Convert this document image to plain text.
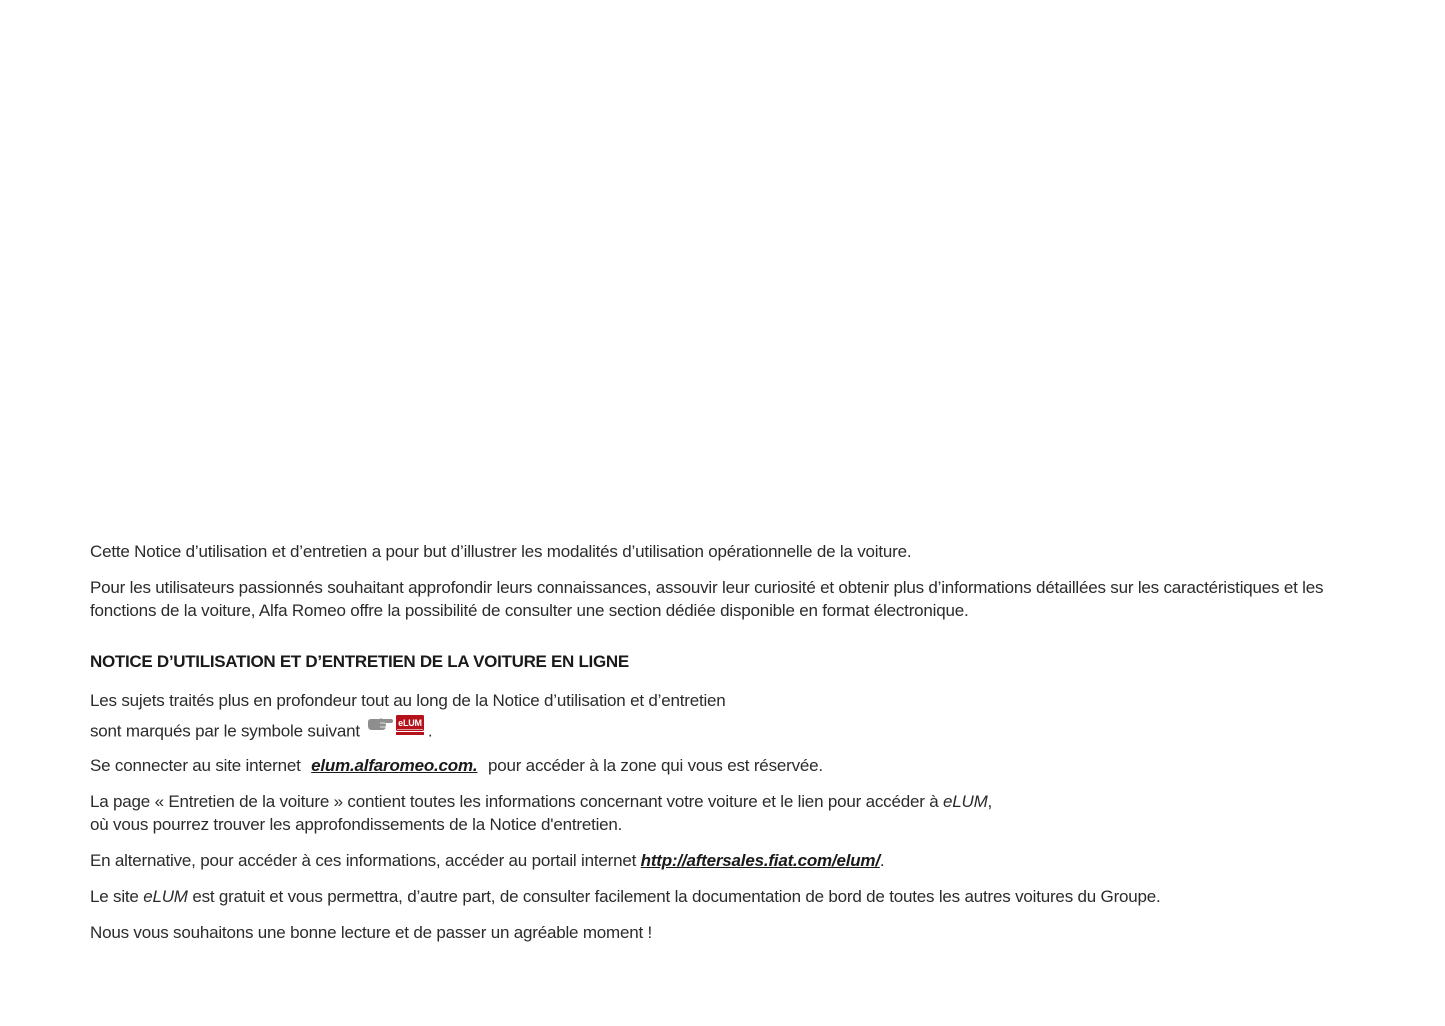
Cette Notice d’utilisation et d’entretien a pour but d’illustrer les modalités d’utilisation opérationnelle de la voiture.

Pour les utilisateurs passionnés souhaitant approfondir leurs connaissances, assouvir leur curiosité et obtenir plus d’informations détaillées sur les caractéristiques et les fonctions de la voiture, Alfa Romeo offre la possibilité de consulter une section dédiée disponible en format électronique.

NOTICE D’UTILISATION ET D’ENTRETIEN DE LA VOITURE EN LIGNE

Les sujets traités plus en profondeur tout au long de la Notice d’utilisation et d’entretien
sont marqués par le symbole suivant	eLUM .

Se connecter au site internet elum.alfaromeo.com. pour accéder à la zone qui vous est réservée.

La page « Entretien de la voiture » contient toutes les informations concernant votre voiture et le lien pour accéder à eLUM,
où vous pourrez trouver les approfondissements de la Notice d'entretien.

En alternative, pour accéder à ces informations, accéder au portail internet http://aftersales.fiat.com/elum/.

Le site eLUM est gratuit et vous permettra, d’autre part, de consulter facilement la documentation de bord de toutes les autres voitures du Groupe.

Nous vous souhaitons une bonne lecture et de passer un agréable moment !
